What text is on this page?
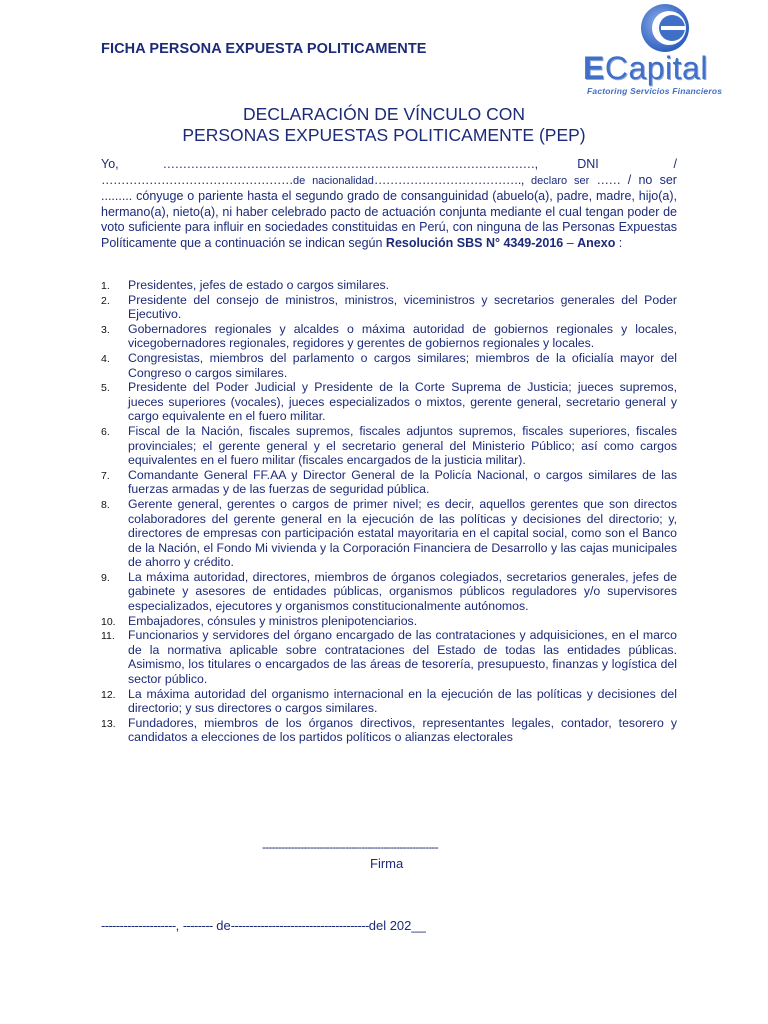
FICHA PERSONA EXPUESTA POLITICAMENTE
ECapital
Factoring Servicios Financieros
DECLARACIÓN DE VÍNCULO CON
PERSONAS EXPUESTAS POLITICAMENTE (PEP)

Yo,	…………………………………………………………………………………,	DNI	/ …………………………………………de nacionalidad………………………………., declaro ser …… / no ser ......... cónyuge o pariente hasta el segundo grado de consanguinidad (abuelo(a), padre, madre, hijo(a), hermano(a), nieto(a), ni haber celebrado pacto de actuación conjunta mediante el cual tengan poder de voto suficiente para influir en sociedades constituidas en Perú, con ninguna de las Personas Expuestas Políticamente que a continuación se indican según Resolución SBS N° 4349-2016 – Anexo :

1. Presidentes, jefes de estado o cargos similares.
2. Presidente del consejo de ministros, ministros, viceministros y secretarios generales del Poder Ejecutivo.
3. Gobernadores regionales y alcaldes o máxima autoridad de gobiernos regionales y locales, vicegobernadores regionales, regidores y gerentes de gobiernos regionales y locales.
4. Congresistas, miembros del parlamento o cargos similares; miembros de la oficialía mayor del Congreso o cargos similares.
5. Presidente del Poder Judicial y Presidente de la Corte Suprema de Justicia; jueces supremos, jueces superiores (vocales), jueces especializados o mixtos, gerente general, secretario general y cargo equivalente en el fuero militar.
6. Fiscal de la Nación, fiscales supremos, fiscales adjuntos supremos, fiscales superiores, fiscales provinciales; el gerente general y el secretario general del Ministerio Público; así como cargos equivalentes en el fuero militar (fiscales encargados de la justicia militar).
7. Comandante General FF.AA y Director General de la Policía Nacional, o cargos similares de las fuerzas armadas y de las fuerzas de seguridad pública.
8. Gerente general, gerentes o cargos de primer nivel; es decir, aquellos gerentes que son directos colaboradores del gerente general en la ejecución de las políticas y decisiones del directorio; y, directores de empresas con participación estatal mayoritaria en el capital social, como son el Banco de la Nación, el Fondo Mi vivienda y la Corporación Financiera de Desarrollo y las cajas municipales de ahorro y crédito.
9. La máxima autoridad, directores, miembros de órganos colegiados, secretarios generales, jefes de gabinete y asesores de entidades públicas, organismos públicos reguladores y/o supervisores especializados, ejecutores y organismos constitucionalmente autónomos.
10. Embajadores, cónsules y ministros plenipotenciarios.
11. Funcionarios y servidores del órgano encargado de las contrataciones y adquisiciones, en el marco de la normativa aplicable sobre contrataciones del Estado de todas las entidades públicas. Asimismo, los titulares o encargados de las áreas de tesorería, presupuesto, finanzas y logística del sector público.
12. La máxima autoridad del organismo internacional en la ejecución de las políticas y decisiones del directorio; y sus directores o cargos similares.
13. Fundadores, miembros de los órganos directivos, representantes legales, contador, tesorero y candidatos a elecciones de los partidos políticos o alianzas electorales
-------------------------------------------------------
Firma
--------------------, -------- de-------------------------------------del 202__
